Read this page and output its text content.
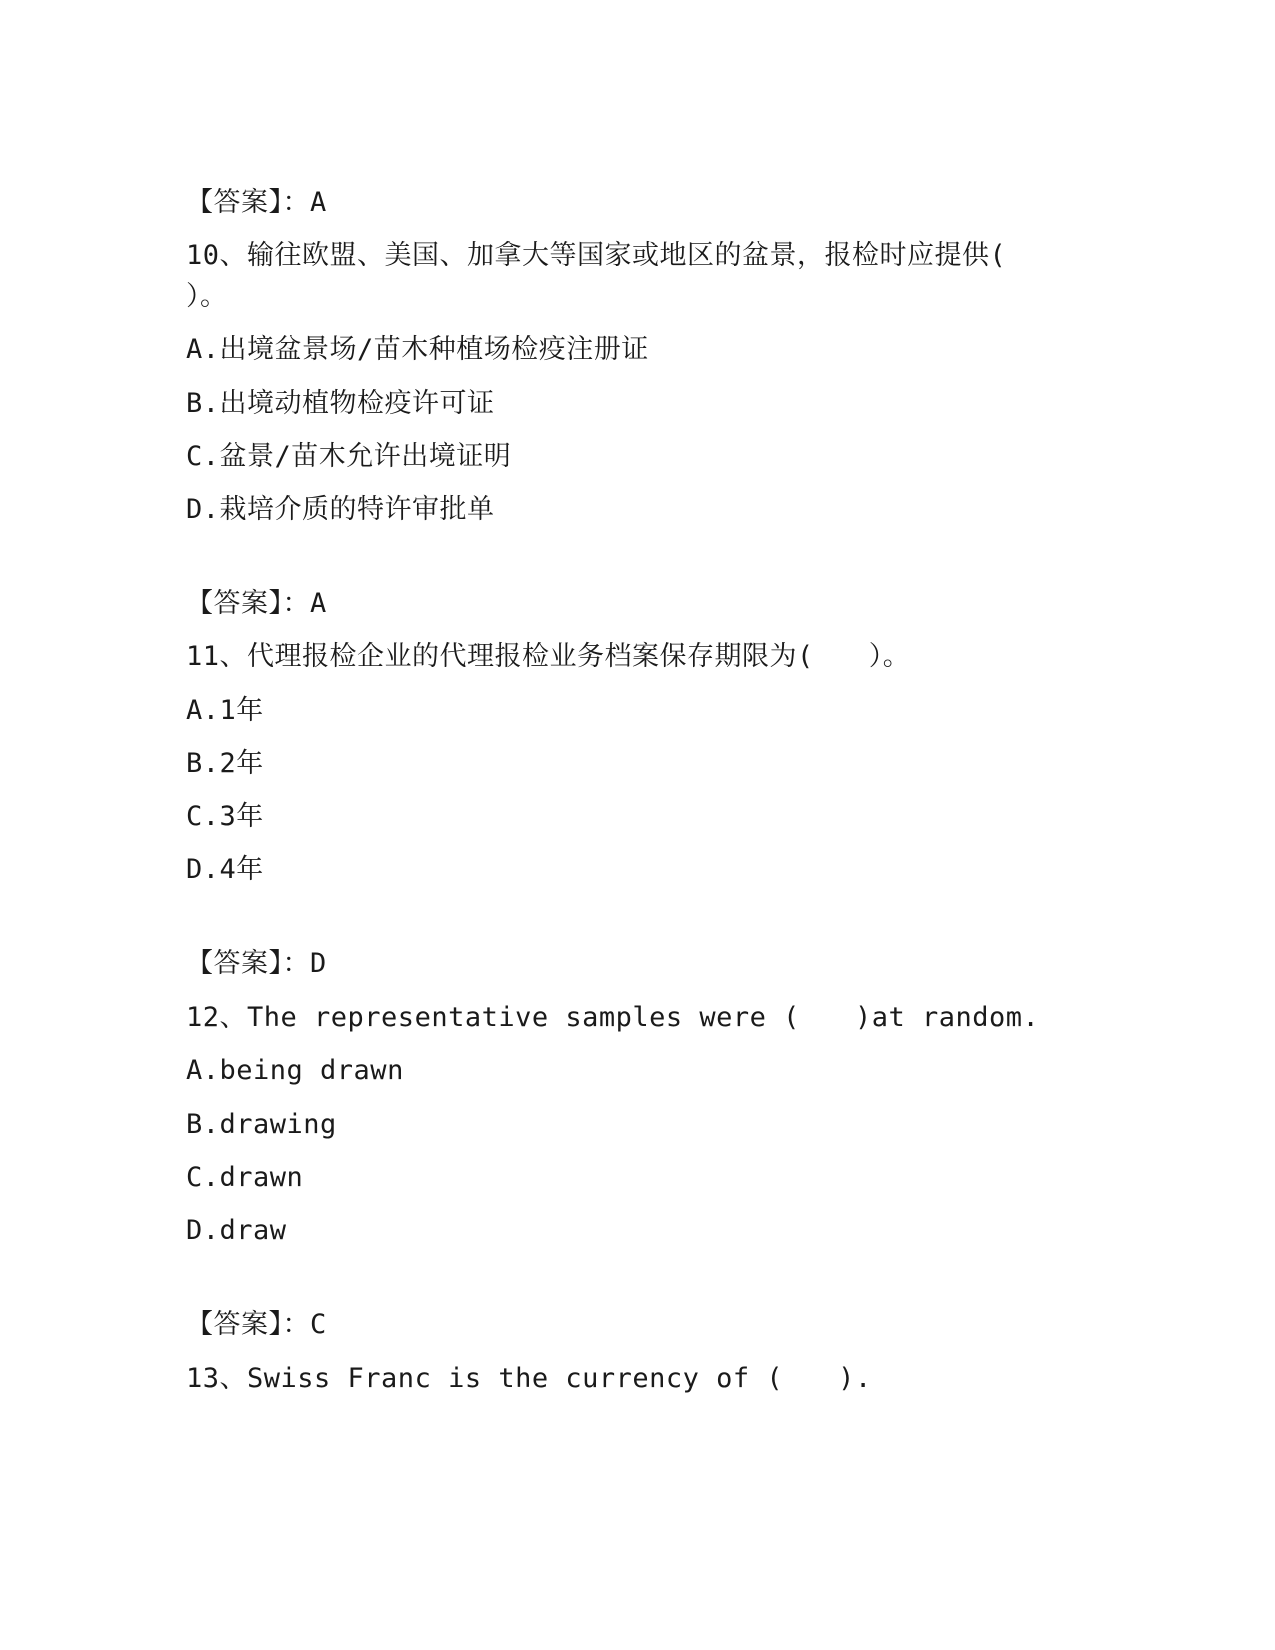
【答案】：A
10、输往欧盟、美国、加拿大等国家或地区的盆景，报检时应提供(
）。
A.出境盆景场/苗木种植场检疫注册证
B.出境动植物检疫许可证
C.盆景/苗木允许出境证明
D.栽培介质的特许审批单
【答案】：A
11、代理报检企业的代理报检业务档案保存期限为(　　）。
A.1年
B.2年
C.3年
D.4年
【答案】：D
12、The representative samples were (　　)at random.
A.being drawn
B.drawing
C.drawn
D.draw
【答案】：C
13、Swiss Franc is the currency of (　　).
